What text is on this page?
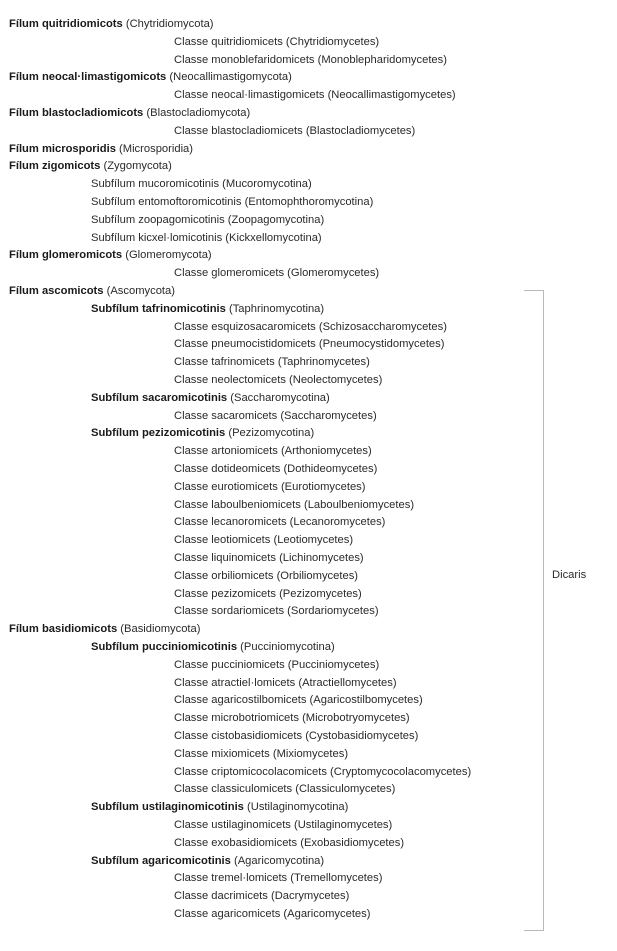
Fílum quitridiomicots (Chytridiomycota)
Classe quitridiomicets (Chytridiomycetes)
Classe monoblefaridomicets (Monoblepharidomycetes)
Fílum neocal·limastigomicots (Neocallimastigomycota)
Classe neocal·limastigomicets (Neocallimastigomycetes)
Fílum blastocladiomicots (Blastocladiomycota)
Classe blastocladiomicets (Blastocladiomycetes)
Fílum microsporidis (Microsporidia)
Fílum zigomicots (Zygomycota)
Subfílum mucoromicotinis (Mucoromycotina)
Subfílum entomoftoromicotinis (Entomophthoromycotina)
Subfílum zoopagomicotinis (Zoopagomycotina)
Subfílum kicxel·lomicotinis (Kickxellomycotina)
Fílum glomeromicots (Glomeromycota)
Classe glomeromicets (Glomeromycetes)
Fílum ascomicots (Ascomycota)
Subfílum tafrinomicotinis (Taphrinomycotina)
Classe esquizosacaromicets (Schizosaccharomycetes)
Classe pneumocistidomicets (Pneumocystidomycetes)
Classe tafrinomicets (Taphrinomycetes)
Classe neolectomicets (Neolectomycetes)
Subfílum sacaromicotinis (Saccharomycotina)
Classe sacaromicets (Saccharomycetes)
Subfílum pezizomicotinis (Pezizomycotina)
Classe artoniomicets (Arthoniomycetes)
Classe dotideomicets (Dothideomycetes)
Classe eurotiomicets (Eurotiomycetes)
Classe laboulbeniomicets (Laboulbeniomycetes)
Classe lecanoromicets (Lecanoromycetes)
Classe leotiomicets (Leotiomycetes)
Classe liquinomicets (Lichinomycetes)
Classe orbiliomicets (Orbiliomycetes)
Classe pezizomicets (Pezizomycetes)
Classe sordariomicets (Sordariomycetes)
Fílum basidiomicots (Basidiomycota)
Subfílum pucciniomicotinis (Pucciniomycotina)
Classe pucciniomicets (Pucciniomycetes)
Classe atractiel·lomicets (Atractiellomycetes)
Classe agaricostilbomicets (Agaricostilbomycetes)
Classe microbotriomicets (Microbotryomycetes)
Classe cistobasidiomicets (Cystobasidiomycetes)
Classe mixiomicets (Mixiomycetes)
Classe criptomicocolacomicets (Cryptomycocolacomycetes)
Classe classiculomicets (Classiculomycetes)
Subfílum ustilaginomicotinis (Ustilaginomycotina)
Classe ustilaginomicets (Ustilaginomycetes)
Classe exobasidiomicets (Exobasidiomycetes)
Subfílum agaricomicotinis (Agaricomycotina)
Classe tremel·lomicets (Tremellomycetes)
Classe dacrimicets (Dacrymycetes)
Classe agaricomicets (Agaricomycetes)
Dicaris
